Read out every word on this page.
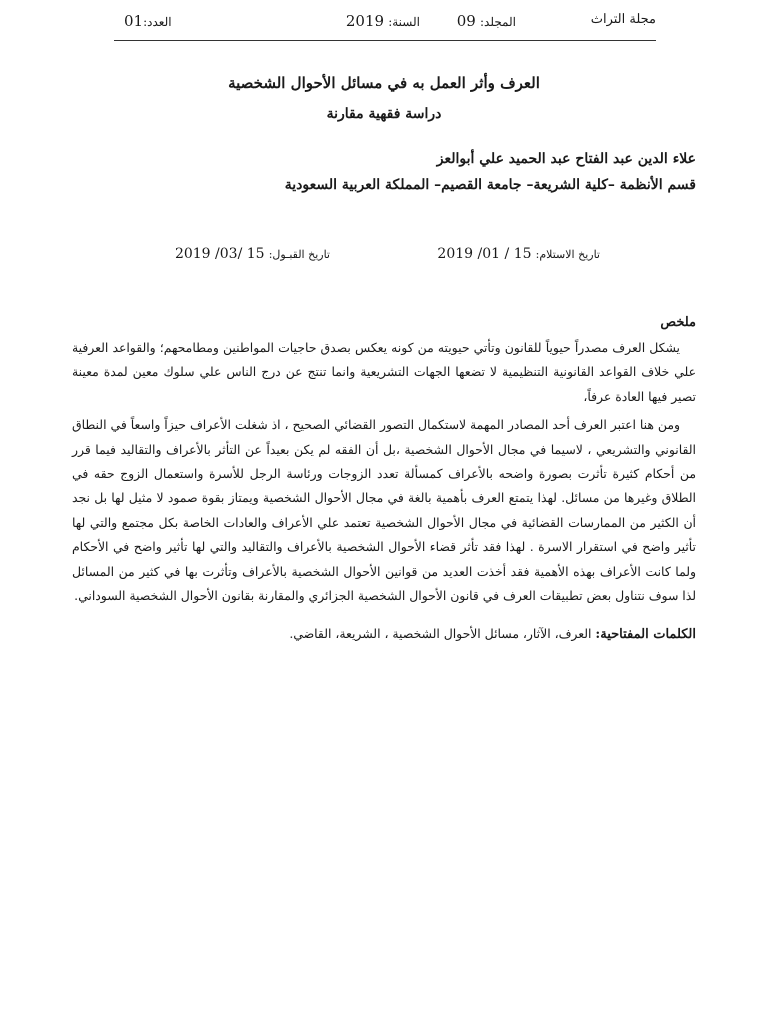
مجلة التراث
المجلد: 09
السنة: 2019
العدد:01
العرف وأثر العمل به في مسائل الأحوال الشخصية
دراسة فقهية مقارنة

علاء الدين عبد الفتاح عبد الحميد علي أبوالعز

قسم الأنظمة –كلية الشريعة– جامعة القصيم– المملكة العربية السعودية

تاريخ الاستلام: 15 / 01/ 2019
تاريخ القبـول: 15 /03/ 2019

ملخص

يشكل العرف مصدراً حيوياً للقانون وتأتي حيويته من كونه يعكس بصدق حاجيات المواطنين ومطامحهم؛ والقواعد العرفية علي خلاف القواعد القانونية التنظيمية لا تضعها الجهات التشريعية وانما تنتج عن درج الناس علي سلوك معين لمدة معينة تصير فيها العادة عرفاً،

ومن هنا اعتبر العرف أحد المصادر المهمة لاستكمال التصور القضائي الصحيح ، اذ شغلت الأعراف حيزاً واسعاً في النطاق القانوني والتشريعي ، لاسيما في مجال الأحوال الشخصية ،بل أن الفقه لم يكن بعيداً عن التأثر بالأعراف والتقاليد فيما قرر من أحكام كثيرة تأثرت بصورة واضحه بالأعراف كمسألة تعدد الزوجات ورئاسة الرجل للأسرة واستعمال الزوج حقه في الطلاق وغيرها من مسائل. لهذا يتمتع العرف بأهمية بالغة في مجال الأحوال الشخصية ويمتاز بقوة صمود لا مثيل لها بل نجد أن الكثير من الممارسات القضائية في مجال الأحوال الشخصية تعتمد علي الأعراف والعادات الخاصة بكل مجتمع والتي لها تأثير واضح في استقرار الاسرة . لهذا فقد تأثر قضاء الأحوال الشخصية بالأعراف والتقاليد والتي لها تأثير واضح في الأحكام ولما كانت الأعراف بهذه الأهمية فقد أخذت العديد من قوانين الأحوال الشخصية بالأعراف وتأثرت بها في كثير من المسائل لذا سوف نتناول بعض تطبيقات العرف في قانون الأحوال الشخصية الجزائري والمقارنة بقانون الأحوال الشخصية السوداني.

الكلمات المفتاحية: العرف، الآثار، مسائل الأحوال الشخصية ، الشريعة، القاضي.
